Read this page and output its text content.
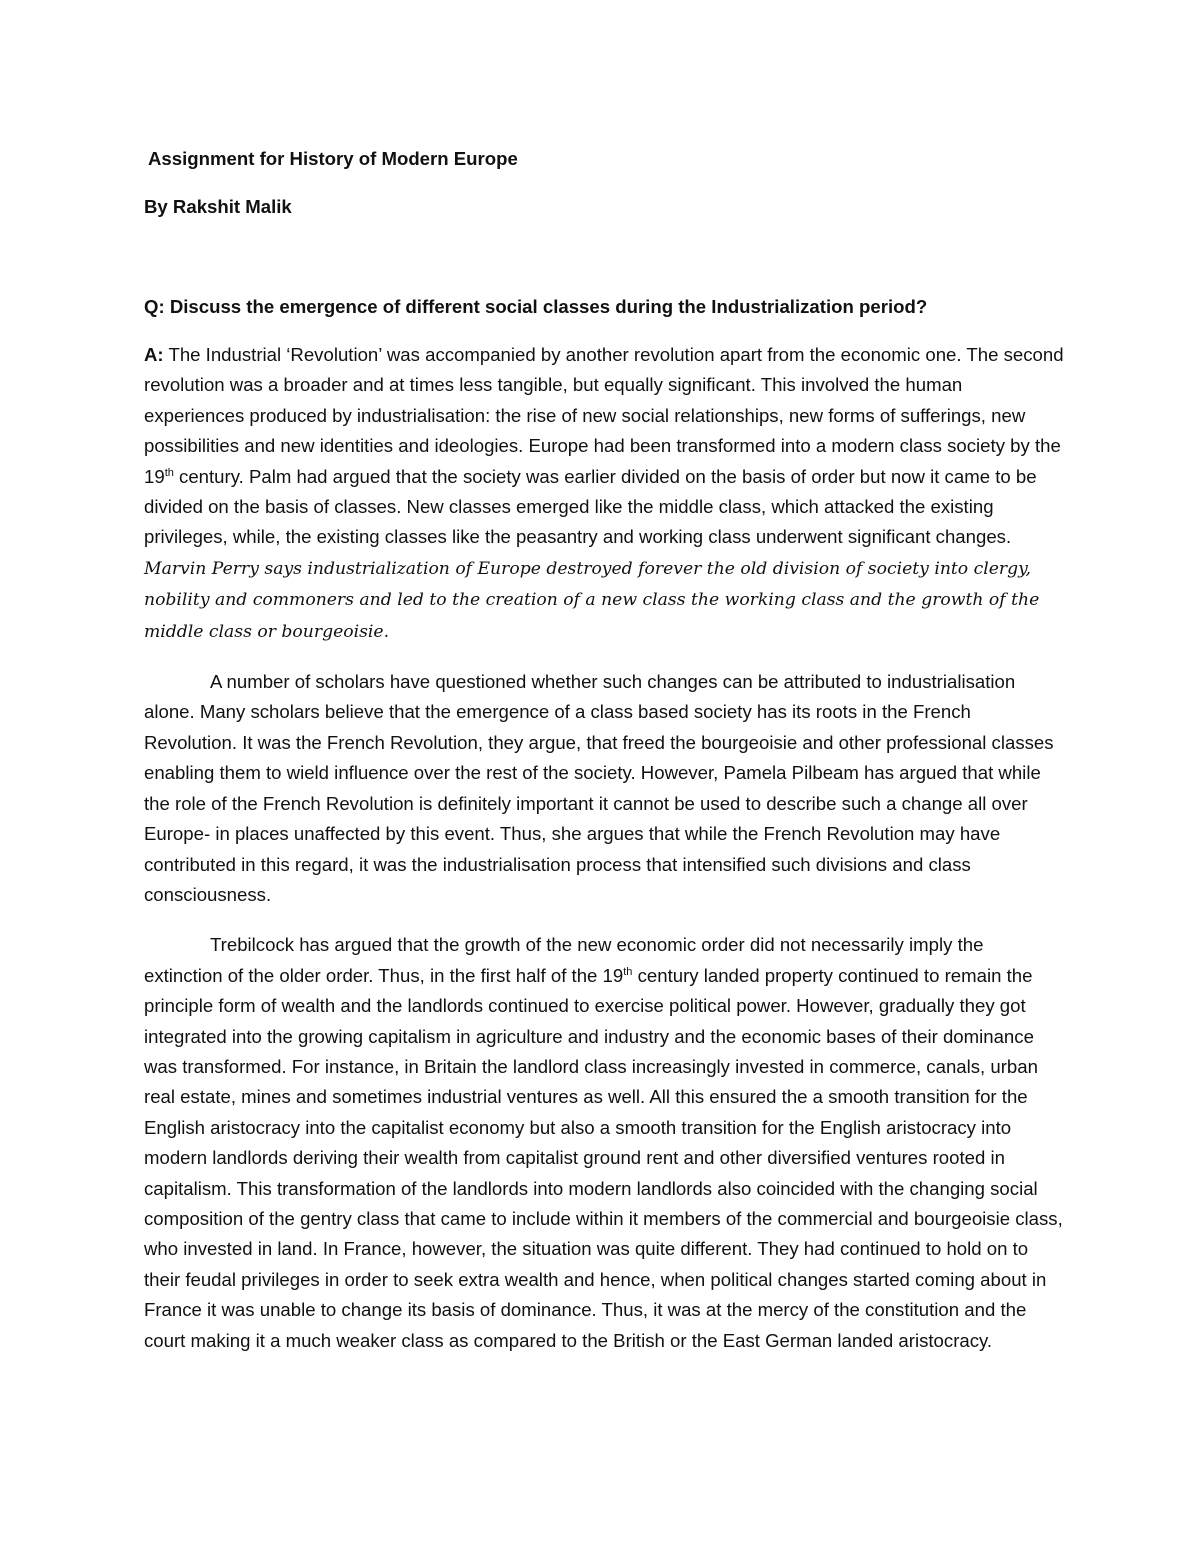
Assignment for History of Modern Europe
By Rakshit Malik
Q: Discuss the emergence of different social classes during the Industrialization period?

A: The Industrial ‘Revolution’ was accompanied by another revolution apart from the economic one. The second revolution was a broader and at times less tangible, but equally significant. This involved the human experiences produced by industrialisation: the rise of new social relationships, new forms of sufferings, new possibilities and new identities and ideologies. Europe had been transformed into a modern class society by the 19th century. Palm had argued that the society was earlier divided on the basis of order but now it came to be divided on the basis of classes. New classes emerged like the middle class, which attacked the existing privileges, while, the existing classes like the peasantry and working class underwent significant changes. Marvin Perry says industrialization of Europe destroyed forever the old division of society into clergy, nobility and commoners and led to the creation of a new class the working class and the growth of the middle class or bourgeoisie.

A number of scholars have questioned whether such changes can be attributed to industrialisation alone. Many scholars believe that the emergence of a class based society has its roots in the French Revolution. It was the French Revolution, they argue, that freed the bourgeoisie and other professional classes enabling them to wield influence over the rest of the society. However, Pamela Pilbeam has argued that while the role of the French Revolution is definitely important it cannot be used to describe such a change all over Europe- in places unaffected by this event. Thus, she argues that while the French Revolution may have contributed in this regard, it was the industrialisation process that intensified such divisions and class consciousness.

Trebilcock has argued that the growth of the new economic order did not necessarily imply the extinction of the older order. Thus, in the first half of the 19th century landed property continued to remain the principle form of wealth and the landlords continued to exercise political power. However, gradually they got integrated into the growing capitalism in agriculture and industry and the economic bases of their dominance was transformed. For instance, in Britain the landlord class increasingly invested in commerce, canals, urban real estate, mines and sometimes industrial ventures as well. All this ensured the a smooth transition for the English aristocracy into the capitalist economy but also a smooth transition for the English aristocracy into modern landlords deriving their wealth from capitalist ground rent and other diversified ventures rooted in capitalism. This transformation of the landlords into modern landlords also coincided with the changing social composition of the gentry class that came to include within it members of the commercial and bourgeoisie class, who invested in land. In France, however, the situation was quite different. They had continued to hold on to their feudal privileges in order to seek extra wealth and hence, when political changes started coming about in France it was unable to change its basis of dominance. Thus, it was at the mercy of the constitution and the court making it a much weaker class as compared to the British or the East German landed aristocracy.
